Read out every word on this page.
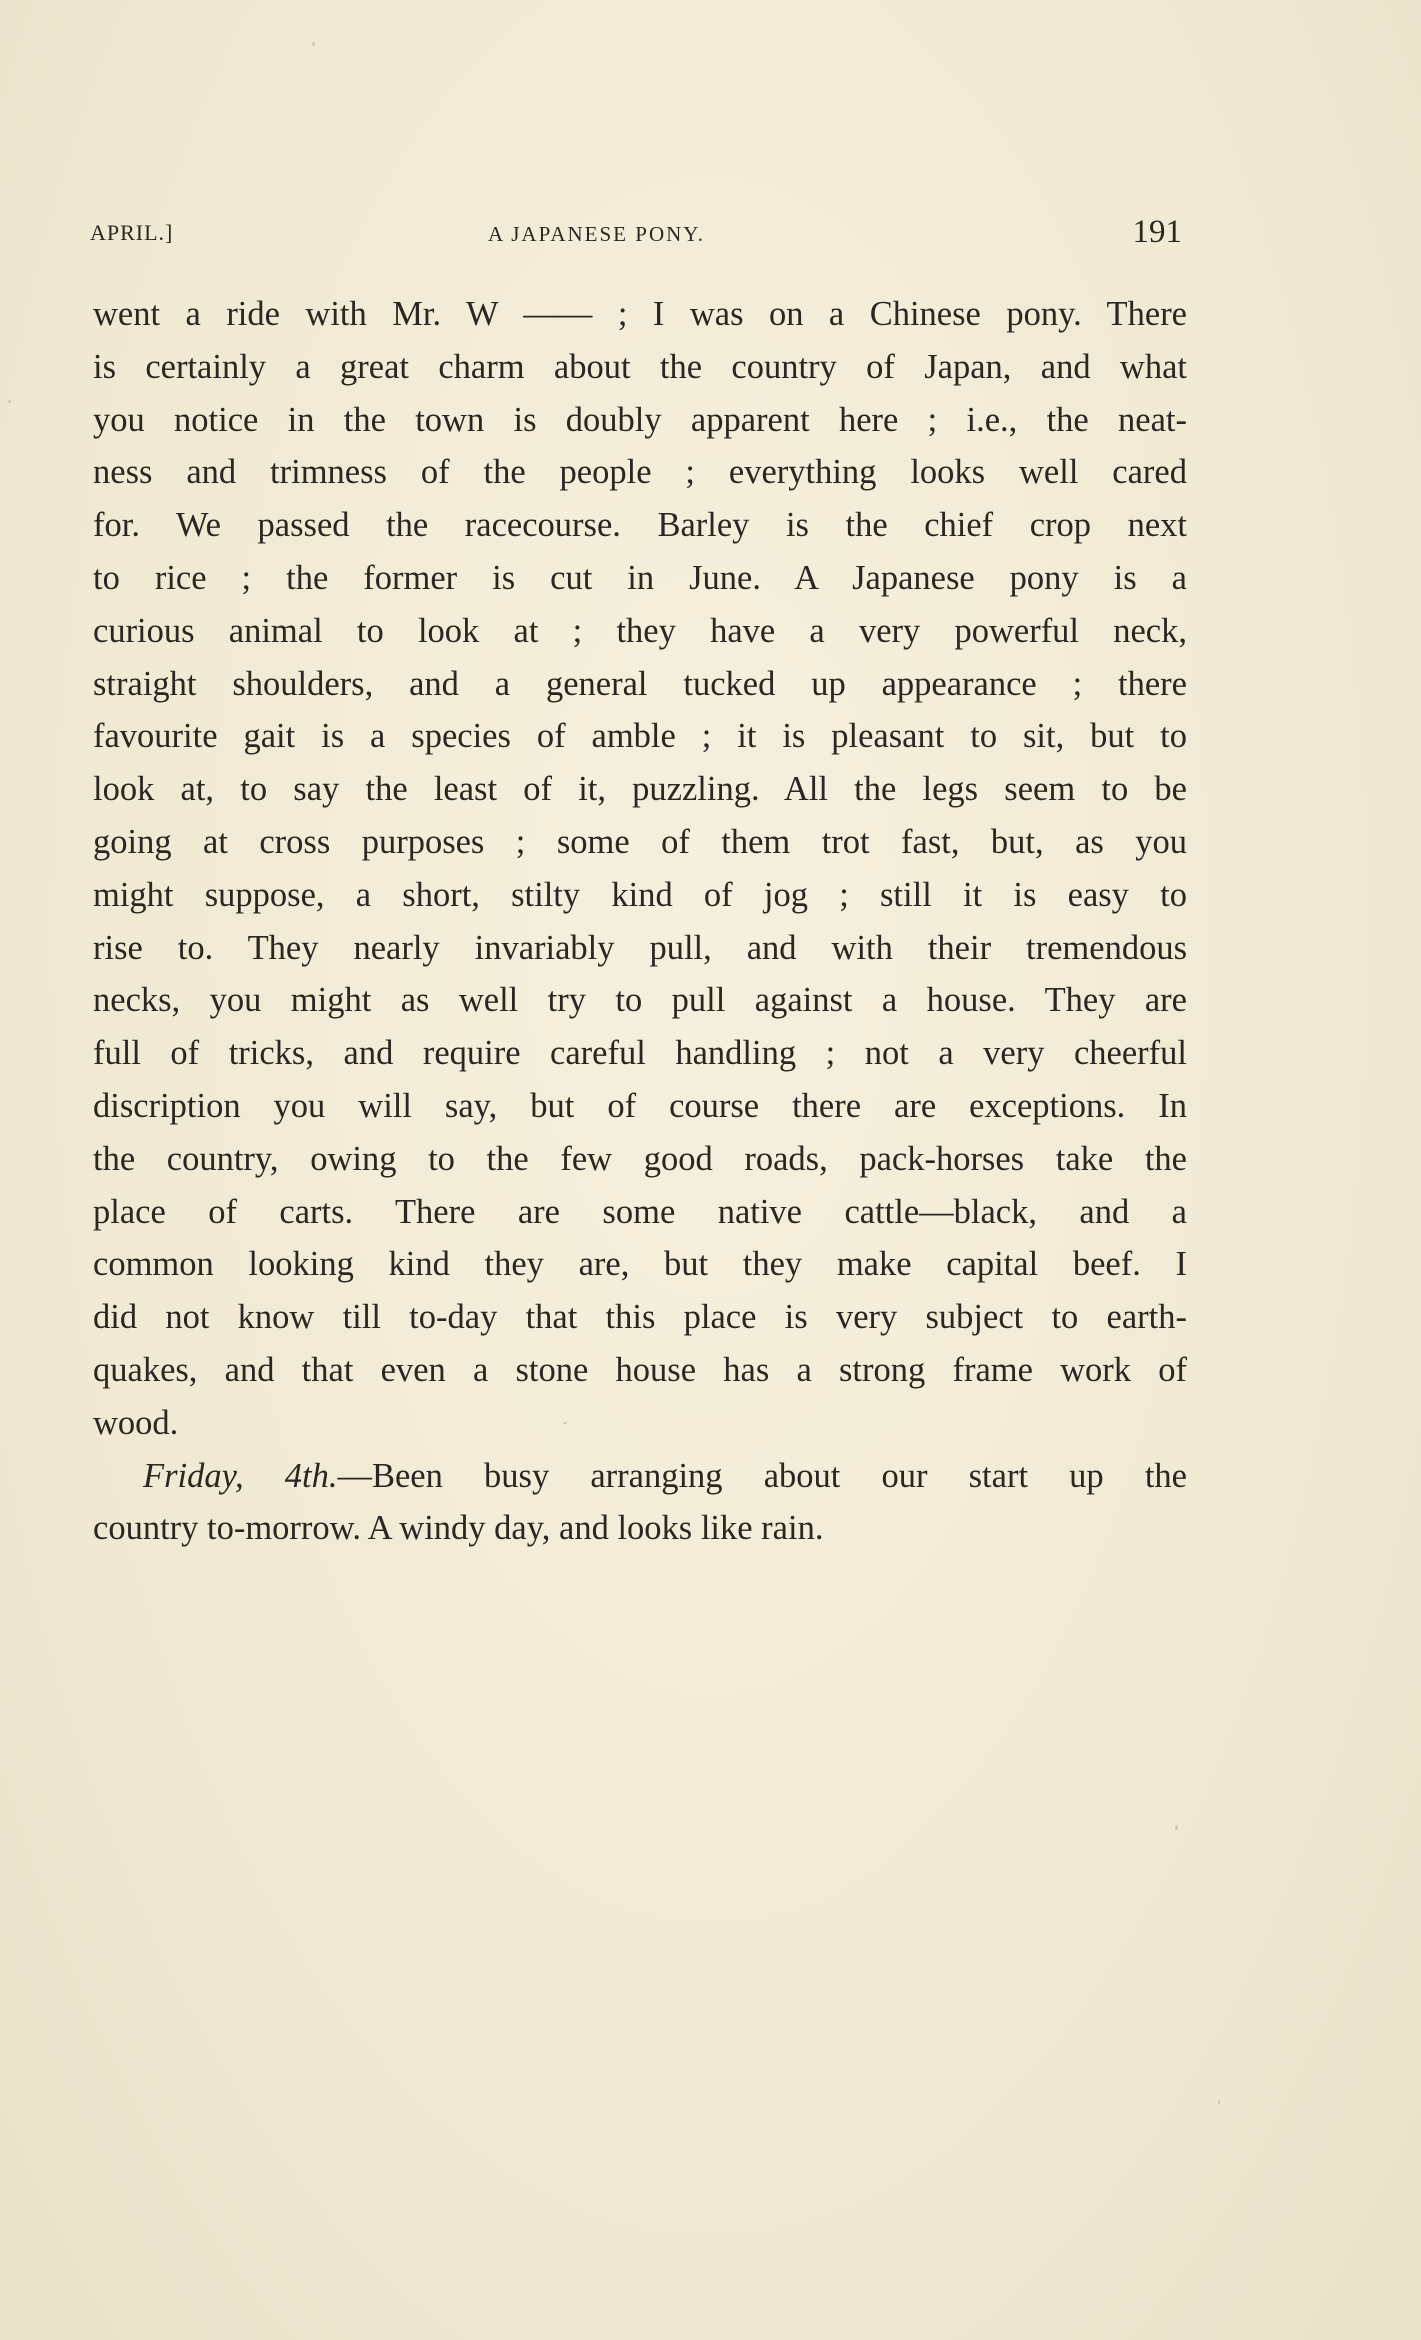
APRIL.]	A JAPANESE PONY.	191

went a ride with Mr. W —— ; I was on a Chinese pony. There
is certainly a great charm about the country of Japan, and what
you notice in the town is doubly apparent here ; i.e., the neat-
ness and trimness of the people ; everything looks well cared
for. We passed the racecourse. Barley is the chief crop next
to rice ; the former is cut in June. A Japanese pony is a
curious animal to look at ; they have a very powerful neck,
straight shoulders, and a general tucked up appearance ; there
favourite gait is a species of amble ; it is pleasant to sit, but to
look at, to say the least of it, puzzling. All the legs seem to be
going at cross purposes ; some of them trot fast, but, as you
might suppose, a short, stilty kind of jog ; still it is easy to
rise to. They nearly invariably pull, and with their tremendous
necks, you might as well try to pull against a house. They are
full of tricks, and require careful handling ; not a very cheerful
discription you will say, but of course there are exceptions. In
the country, owing to the few good roads, pack-horses take the
place of carts. There are some native cattle—black, and a
common looking kind they are, but they make capital beef. I
did not know till to-day that this place is very subject to earth-
quakes, and that even a stone house has a strong frame work of
wood.

Friday, 4th.—Been busy arranging about our start up the
country to-morrow. A windy day, and looks like rain.
